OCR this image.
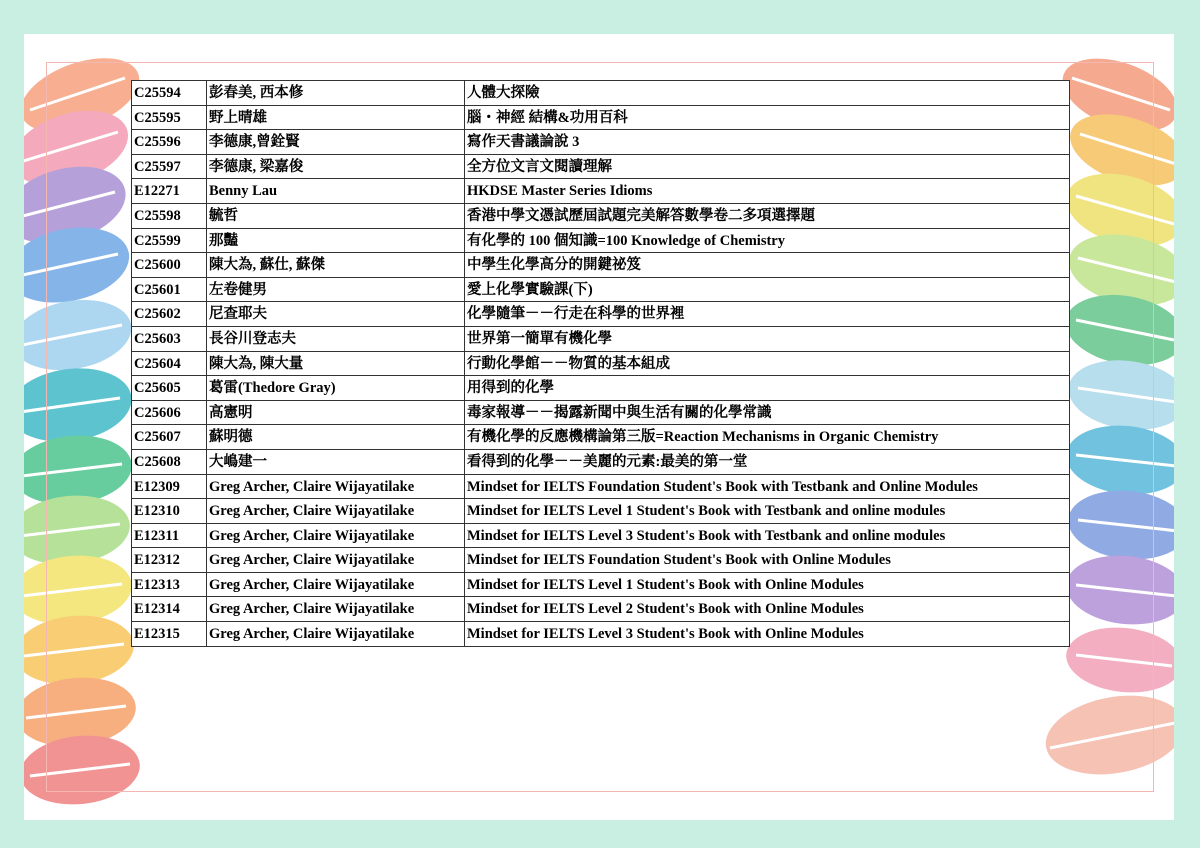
C25594	彭春美, 西本修	人體大探險
C25595	野上晴雄	腦・神經 結構&功用百科
C25596	李德康,曾銓賢	寫作天書議論說 3
C25597	李德康, 梁嘉俊	全方位文言文閱讀理解
E12271	Benny Lau	HKDSE Master Series Idioms
C25598	毓哲	香港中學文憑試歷屆試題完美解答數學卷二多項選擇題
C25599	那豔	有化學的 100 個知識=100 Knowledge of Chemistry
C25600	陳大為, 蘇仕, 蘇傑	中學生化學高分的開鍵祕笈
C25601	左卷健男	愛上化學實驗課(下)
C25602	尼查耶夫	化學隨筆－－行走在科學的世界裡
C25603	長谷川登志夫	世界第一簡單有機化學
C25604	陳大為, 陳大量	行動化學館－－物質的基本組成
C25605	葛雷(Thedore Gray)	用得到的化學
C25606	高憲明	毒家報導－－揭露新聞中與生活有關的化學常識
C25607	蘇明德	有機化學的反應機構論第三版=Reaction Mechanisms in Organic Chemistry
C25608	大嶋建一	看得到的化學－－美麗的元素:最美的第一堂
E12309	Greg Archer, Claire Wijayatilake	Mindset for IELTS Foundation Student's Book with Testbank and Online Modules
E12310	Greg Archer, Claire Wijayatilake	Mindset for IELTS Level 1 Student's Book with Testbank and online modules
E12311	Greg Archer, Claire Wijayatilake	Mindset for IELTS Level 3 Student's Book with Testbank and online modules
E12312	Greg Archer, Claire Wijayatilake	Mindset for IELTS Foundation Student's Book with Online Modules
E12313	Greg Archer, Claire Wijayatilake	Mindset for IELTS Level 1 Student's Book with Online Modules
E12314	Greg Archer, Claire Wijayatilake	Mindset for IELTS Level 2 Student's Book with Online Modules
E12315	Greg Archer, Claire Wijayatilake	Mindset for IELTS Level 3 Student's Book with Online Modules
